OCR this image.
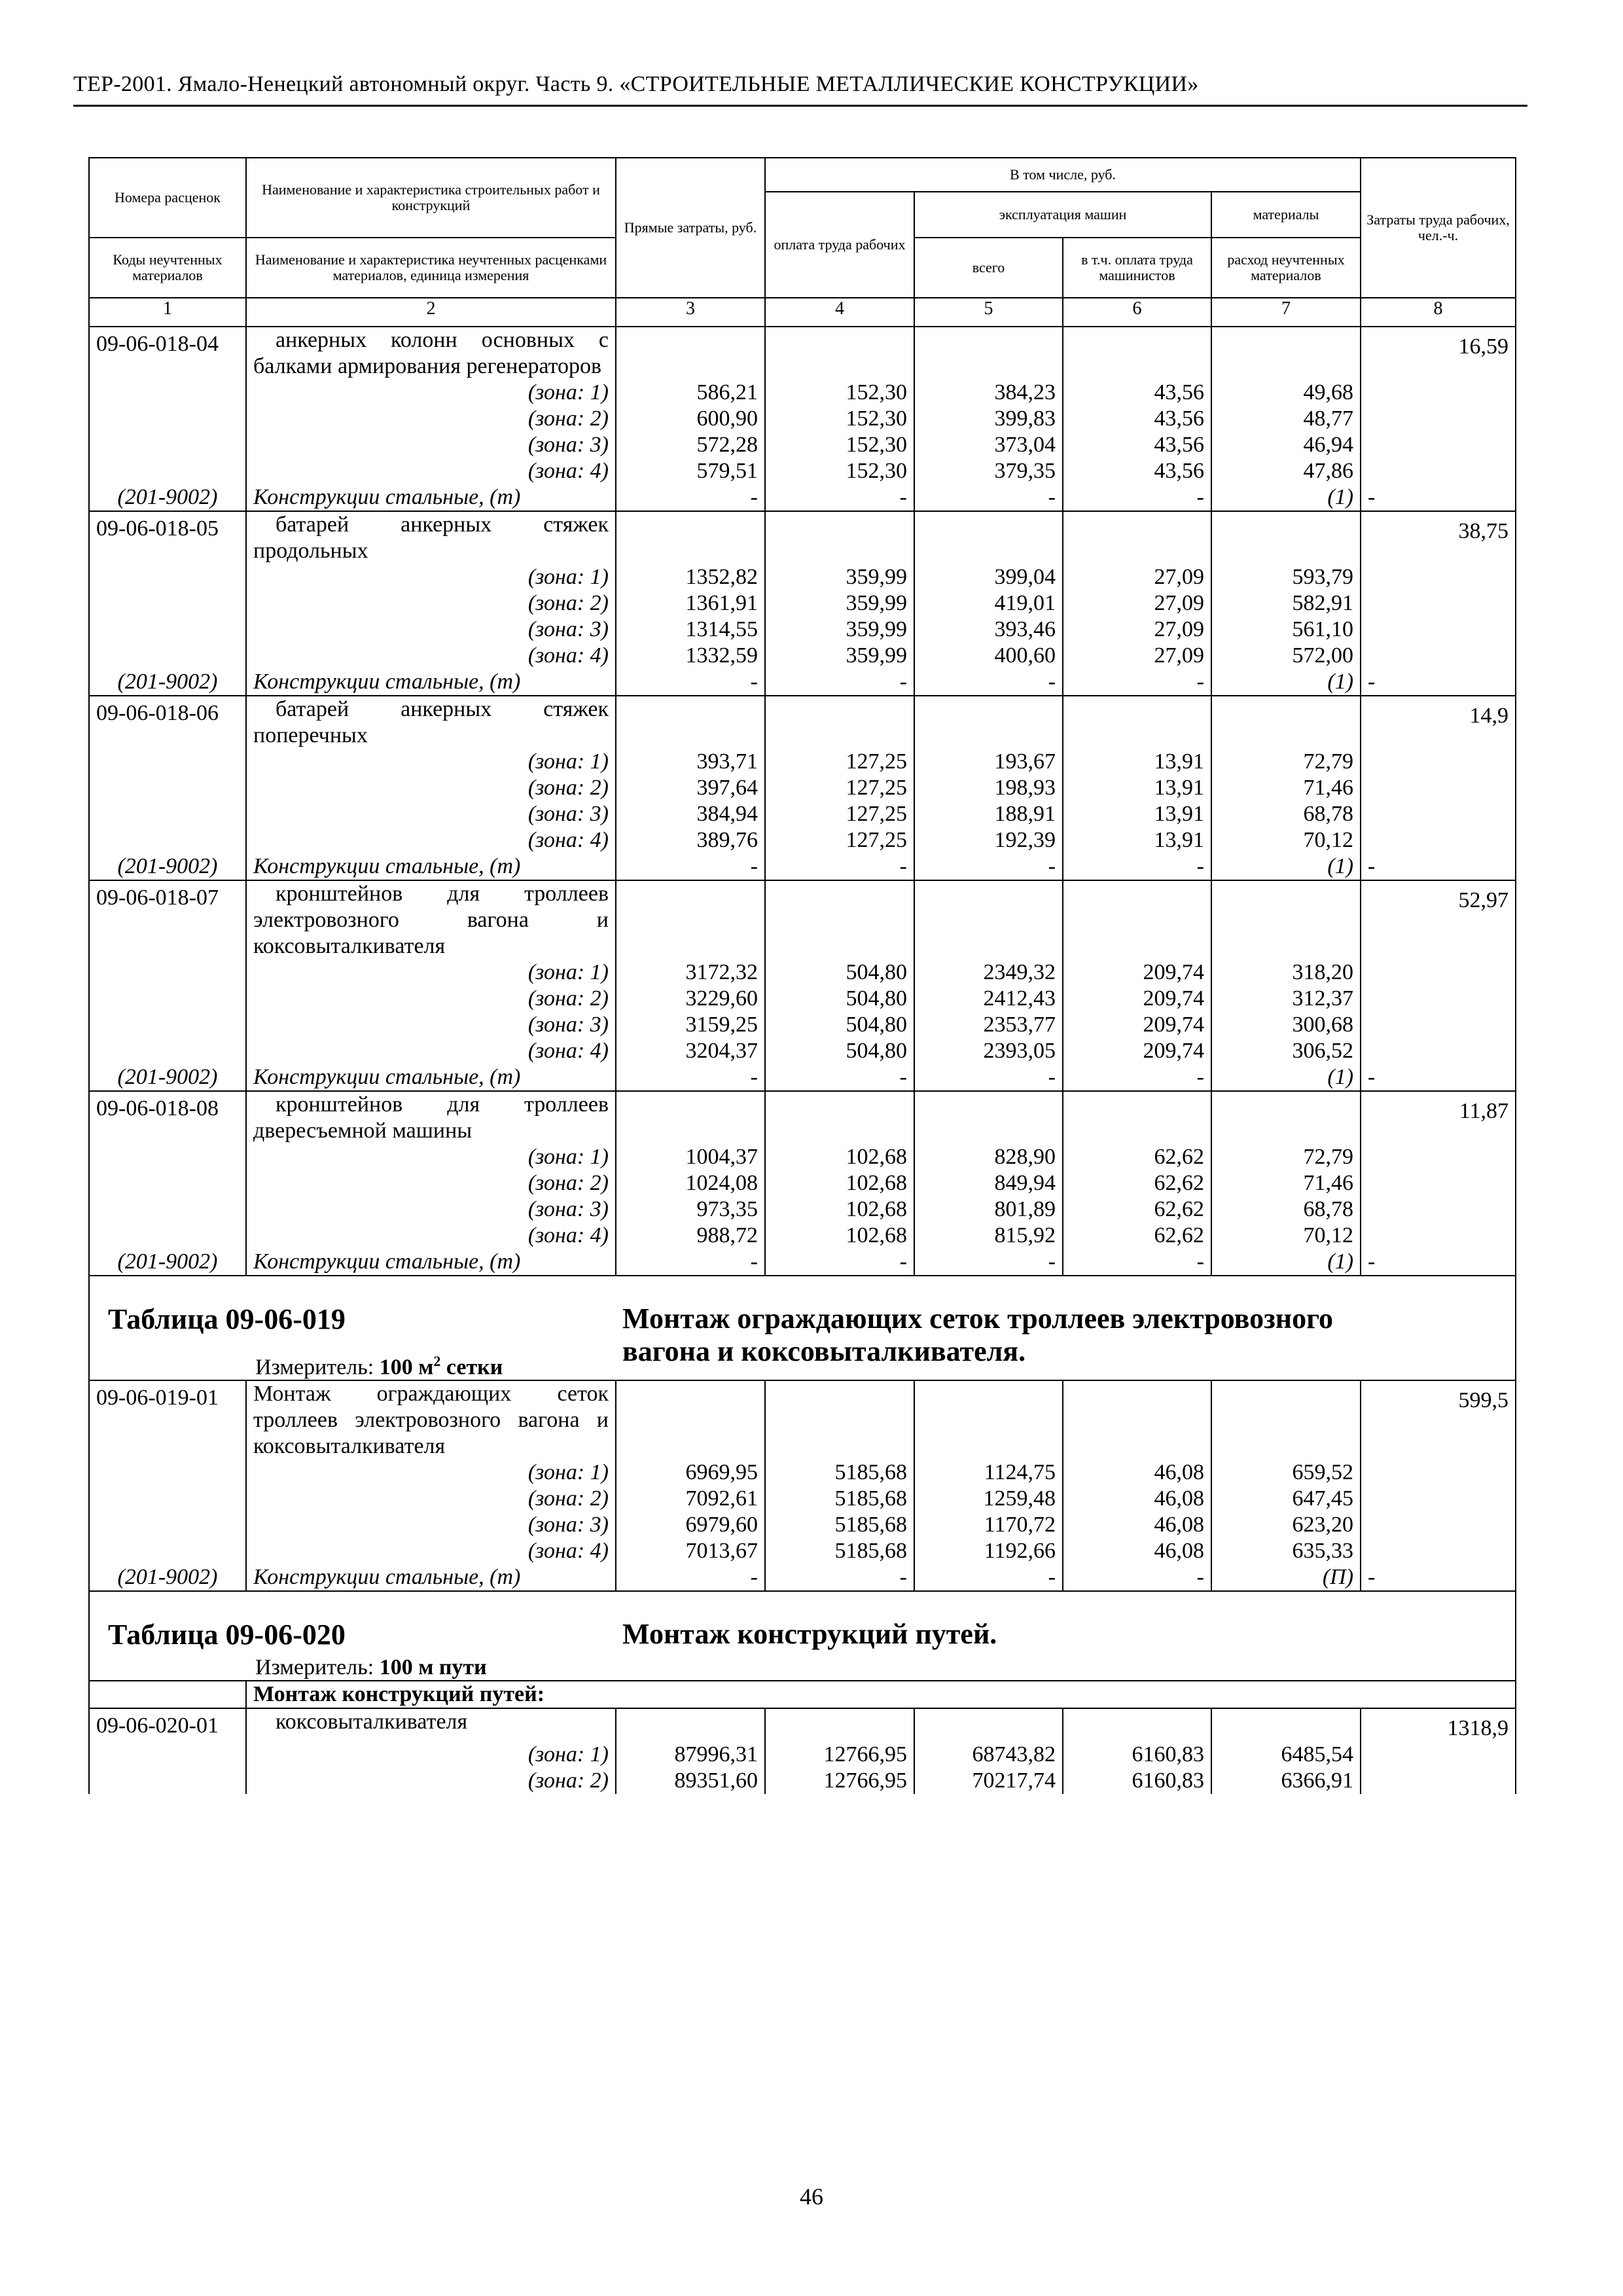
ТЕР-2001. Ямало-Ненецкий автономный округ. Часть 9. «СТРОИТЕЛЬНЫЕ МЕТАЛЛИЧЕСКИЕ КОНСТРУКЦИИ»
Номера расценок	Наименование и характеристика строительных работ и конструкций	Прямые затраты, руб.	В том числе, руб.				Затраты труда рабочих, чел.-ч.
			оплата труда рабочих	эксплуатация машин		материалы	
Коды неучтенных материалов	Наименование и характеристика неучтенных расценками материалов, единица измерения			всего	в т.ч. оплата труда машинистов	расход неучтенных материалов	
1	2	3	4	5	6	7	8
09-06-018-04	анкерных колонн основных с балками армирования регенераторов						16,59
	(зона: 1)	586,21	152,30	384,23	43,56	49,68	
	(зона: 2)	600,90	152,30	399,83	43,56	48,77	
	(зона: 3)	572,28	152,30	373,04	43,56	46,94	
	(зона: 4)	579,51	152,30	379,35	43,56	47,86	
(201-9002)	Конструкции стальные, (т)	-	-	-	-	(1)	-
09-06-018-05	батарей анкерных стяжек продольных						38,75
	(зона: 1)	1352,82	359,99	399,04	27,09	593,79	
	(зона: 2)	1361,91	359,99	419,01	27,09	582,91	
	(зона: 3)	1314,55	359,99	393,46	27,09	561,10	
	(зона: 4)	1332,59	359,99	400,60	27,09	572,00	
(201-9002)	Конструкции стальные, (т)	-	-	-	-	(1)	-
09-06-018-06	батарей анкерных стяжек поперечных						14,9
	(зона: 1)	393,71	127,25	193,67	13,91	72,79	
	(зона: 2)	397,64	127,25	198,93	13,91	71,46	
	(зона: 3)	384,94	127,25	188,91	13,91	68,78	
	(зона: 4)	389,76	127,25	192,39	13,91	70,12	
(201-9002)	Конструкции стальные, (т)	-	-	-	-	(1)	-
09-06-018-07	кронштейнов для троллеев электровозного вагона и коксовыталкивателя						52,97
	(зона: 1)	3172,32	504,80	2349,32	209,74	318,20	
	(зона: 2)	3229,60	504,80	2412,43	209,74	312,37	
	(зона: 3)	3159,25	504,80	2353,77	209,74	300,68	
	(зона: 4)	3204,37	504,80	2393,05	209,74	306,52	
(201-9002)	Конструкции стальные, (т)	-	-	-	-	(1)	-
09-06-018-08	кронштейнов для троллеев двересъемной машины						11,87
	(зона: 1)	1004,37	102,68	828,90	62,62	72,79	
	(зона: 2)	1024,08	102,68	849,94	62,62	71,46	
	(зона: 3)	973,35	102,68	801,89	62,62	68,78	
	(зона: 4)	988,72	102,68	815,92	62,62	70,12	
(201-9002)	Конструкции стальные, (т)	-	-	-	-	(1)	-

Таблица 09-06-019
Измеритель: 100 $м^2$ сетки		Монтаж ограждающих сеток троллеев электровозного вагона и коксовыталкивателя.					

09-06-019-01	Монтаж ограждающих сеток троллеев электровозного вагона и коксовыталкивателя						599,5
	(зона: 1)	6969,95	5185,68	1124,75	46,08	659,52	
	(зона: 2)	7092,61	5185,68	1259,48	46,08	647,45	
	(зона: 3)	6979,60	5185,68	1170,72	46,08	623,20	
	(зона: 4)	7013,67	5185,68	1192,66	46,08	635,33	
(201-9002)	Конструкции стальные, (т)	-	-	-	-	(П)	-

Таблица 09-06-020
Измеритель: 100 м пути		Монтаж конструкций путей.					

	Монтаж конструкций путей:						
09-06-020-01	коксовыталкивателя						1318,9
	(зона: 1)	87996,31	12766,95	68743,82	6160,83	6485,54	
	(зона: 2)	89351,60	12766,95	70217,74	6160,83	6366,91	
46
